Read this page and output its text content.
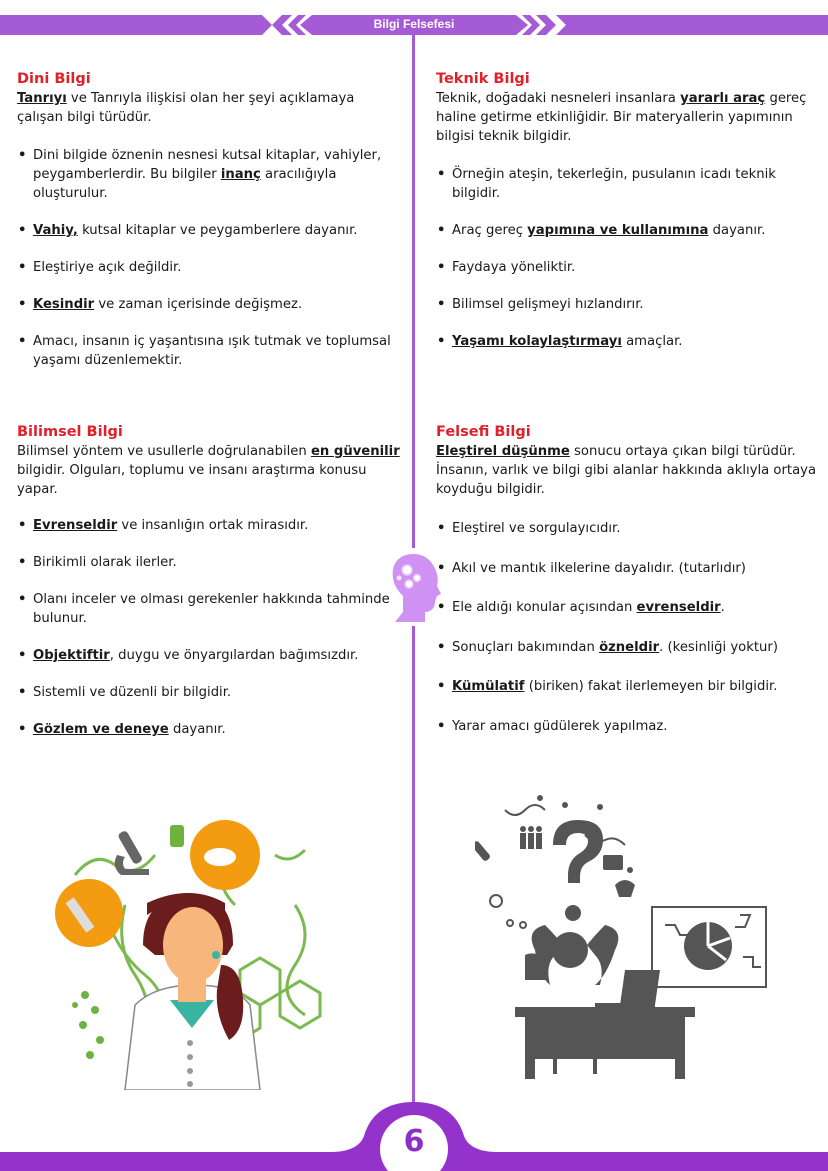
Bilgi Felsefesi
Dini Bilgi

Tanrıyı ve Tanrıyla ilişkisi olan her şeyi açıklamaya çalışan bilgi türüdür.

• Dini bilgide öznenin nesnesi kutsal kitaplar, vahiyler, peygamberlerdir. Bu bilgiler inanç aracılığıyla oluşturulur.
• Vahiy, kutsal kitaplar ve peygamberlere dayanır.
• Eleştiriye açık değildir.
• Kesindir ve zaman içerisinde değişmez.
• Amacı, insanın iç yaşantısına ışık tutmak ve toplumsal yaşamı düzenlemektir.
Teknik Bilgi

Teknik, doğadaki nesneleri insanlara yararlı araç gereç haline getirme etkinliğidir. Bir materyallerin yapımının bilgisi teknik bilgidir.

• Örneğin ateşin, tekerleğin, pusulanın icadı teknik bilgidir.
• Araç gereç yapımına ve kullanımına dayanır.
• Faydaya yöneliktir.
• Bilimsel gelişmeyi hızlandırır.
• Yaşamı kolaylaştırmayı amaçlar.
Bilimsel Bilgi

Bilimsel yöntem ve usullerle doğrulanabilen en güvenilir bilgidir. Olguları, toplumu ve insanı araştırma konusu yapar.

• Evrenseldir ve insanlığın ortak mirasıdır.
• Birikimli olarak ilerler.
• Olanı inceler ve olması gerekenler hakkında tahminde bulunur.
• Objektiftir, duygu ve önyargılardan bağımsızdır.
• Sistemli ve düzenli bir bilgidir.
• Gözlem ve deneye dayanır.
Felsefi Bilgi

Eleştirel düşünme sonucu ortaya çıkan bilgi türüdür. İnsanın, varlık ve bilgi gibi alanlar hakkında aklıyla ortaya koyduğu bilgidir.

• Eleştirel ve sorgulayıcıdır.
• Akıl ve mantık ilkelerine dayalıdır. (tutarlıdır)
• Ele aldığı konular açısından evrenseldir.
• Sonuçları bakımından özneldir. (kesinliği yoktur)
• Kümülatif (biriken) fakat ilerlemeyen bir bilgidir.
• Yarar amacı güdülerek yapılmaz.
6
